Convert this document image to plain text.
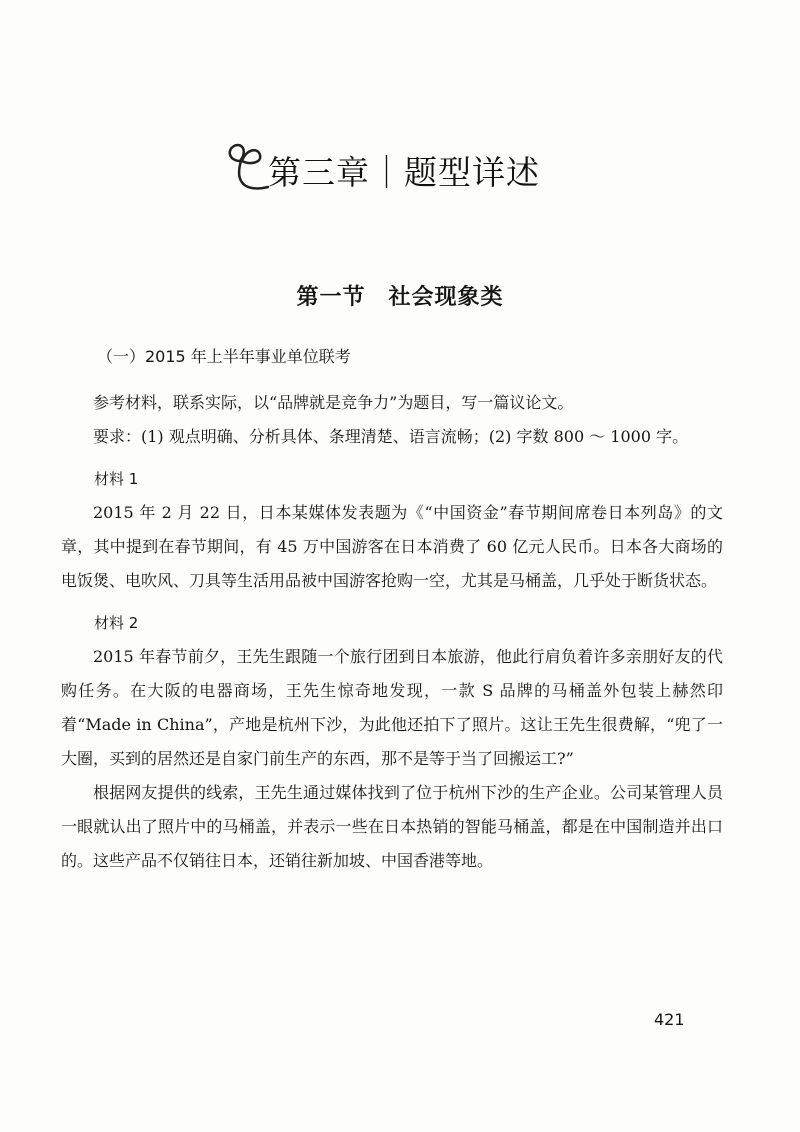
第三章｜题型详述
第一节　社会现象类
（一）2015 年上半年事业单位联考

参考材料，联系实际，以“品牌就是竞争力”为题目，写一篇议论文。

要求：(1) 观点明确、分析具体、条理清楚、语言流畅；(2) 字数 800 ～ 1000 字。

材料 1

2015 年 2 月 22 日，日本某媒体发表题为《“中国资金”春节期间席卷日本列岛》的文章，其中提到在春节期间，有 45 万中国游客在日本消费了 60 亿元人民币。日本各大商场的电饭煲、电吹风、刀具等生活用品被中国游客抢购一空，尤其是马桶盖，几乎处于断货状态。

材料 2

2015 年春节前夕，王先生跟随一个旅行团到日本旅游，他此行肩负着许多亲朋好友的代购任务。在大阪的电器商场，王先生惊奇地发现，一款 S 品牌的马桶盖外包装上赫然印着“Made in China”，产地是杭州下沙，为此他还拍下了照片。这让王先生很费解，“兜了一大圈，买到的居然还是自家门前生产的东西，那不是等于当了回搬运工?”

根据网友提供的线索，王先生通过媒体找到了位于杭州下沙的生产企业。公司某管理人员一眼就认出了照片中的马桶盖，并表示一些在日本热销的智能马桶盖，都是在中国制造并出口的。这些产品不仅销往日本，还销往新加坡、中国香港等地。

421
